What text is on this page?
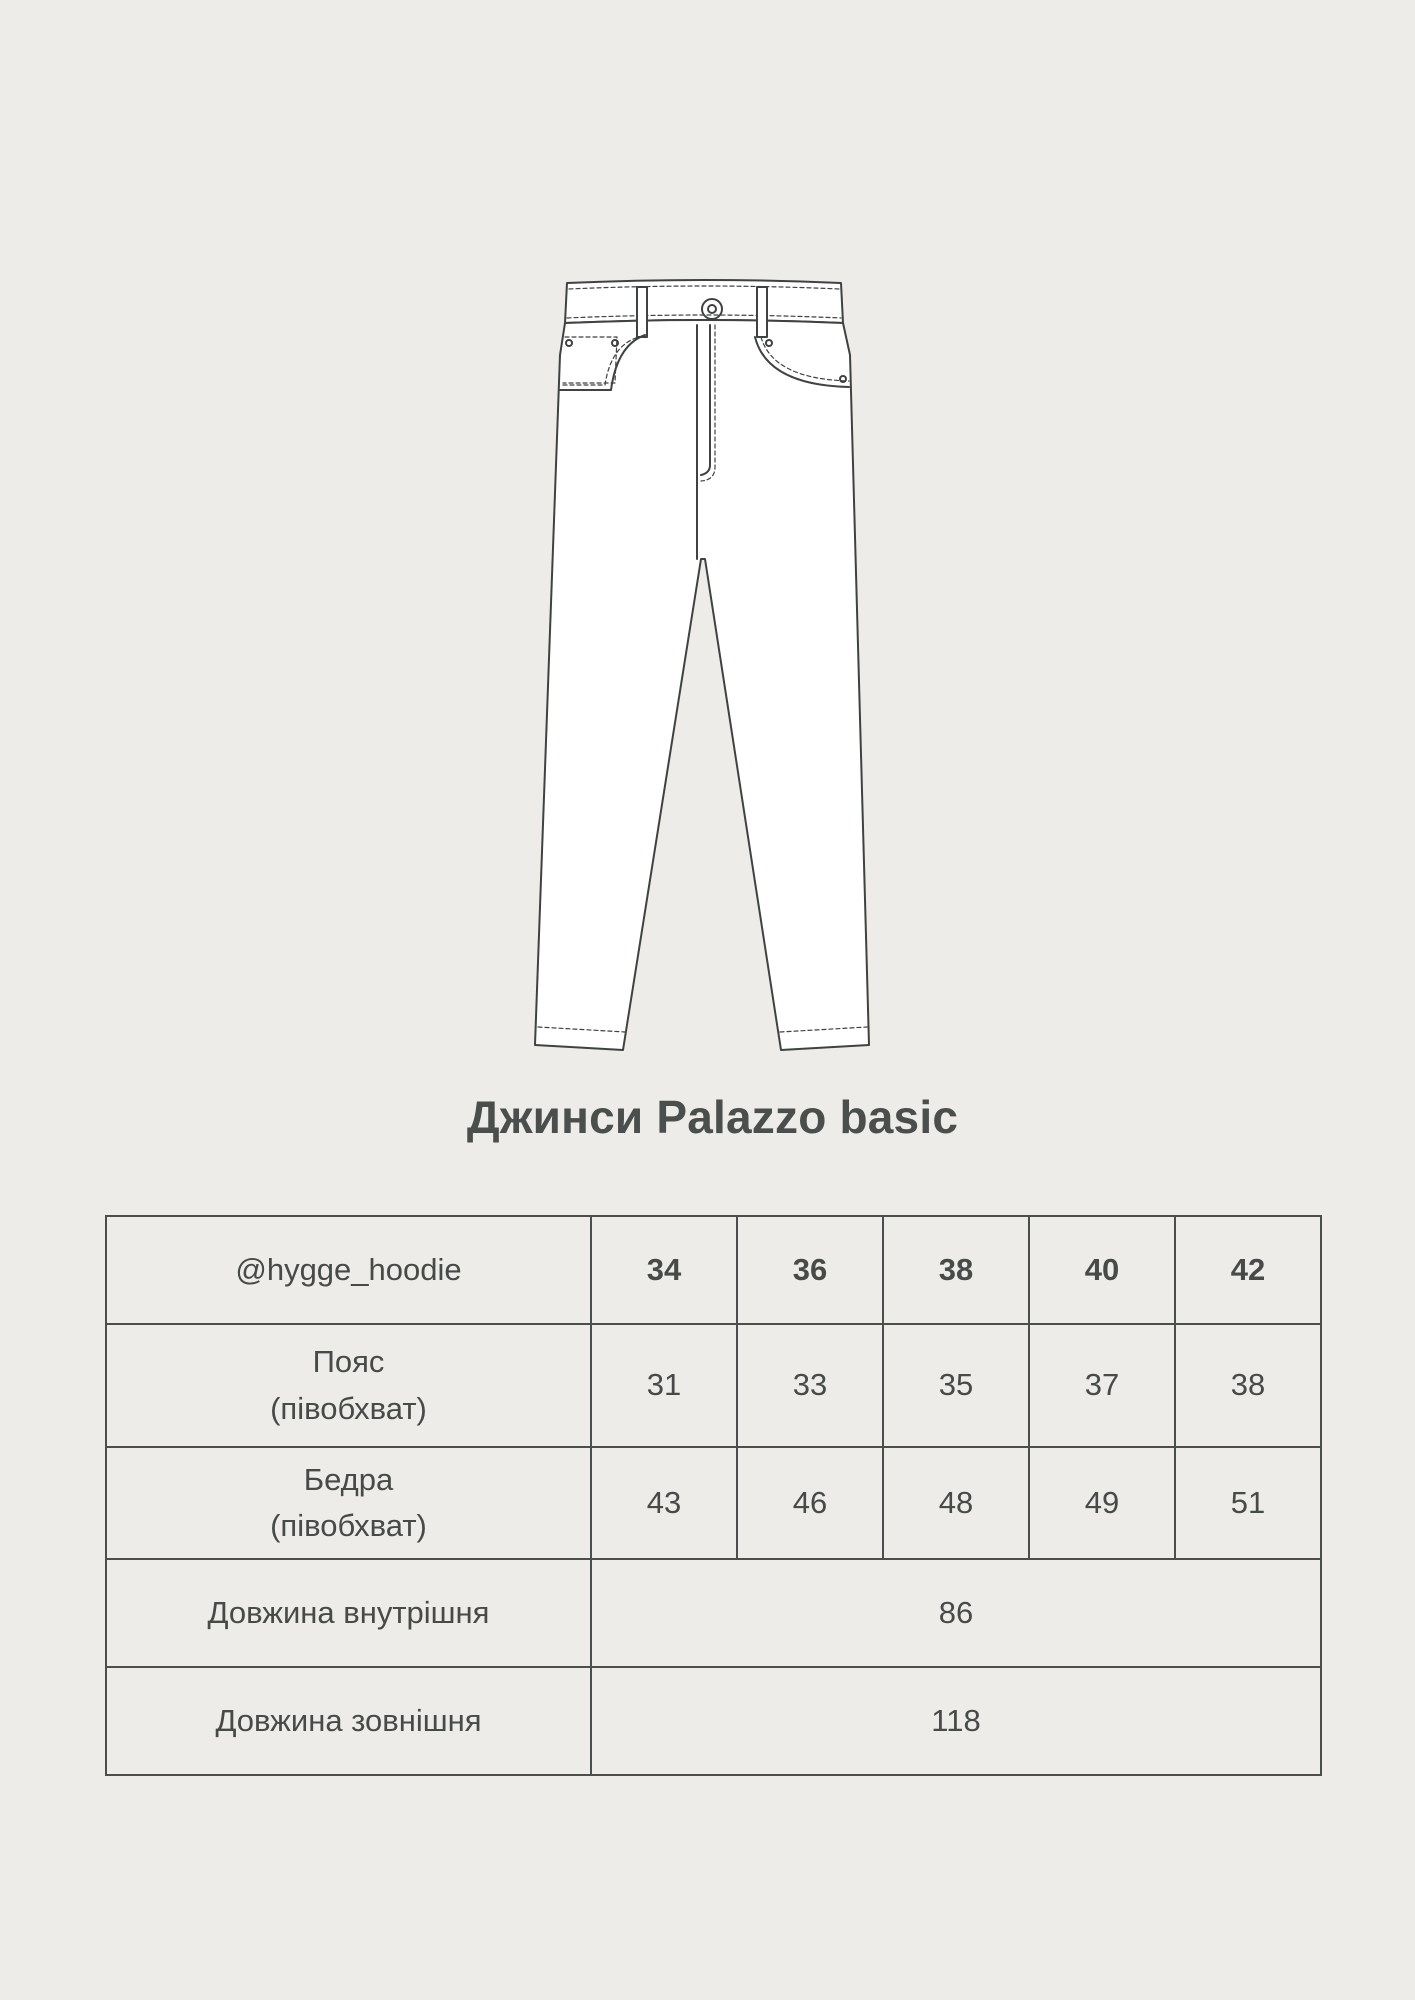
Джинси Palazzo basic
@hygge_hoodie	34	36	38	40	42

Пояс
(півобхват)	31	33	35	37	38

Бедра
(півобхват)	43	46	48	49	51
Довжина внутрішня	86				
Довжина зовнішня	118				
